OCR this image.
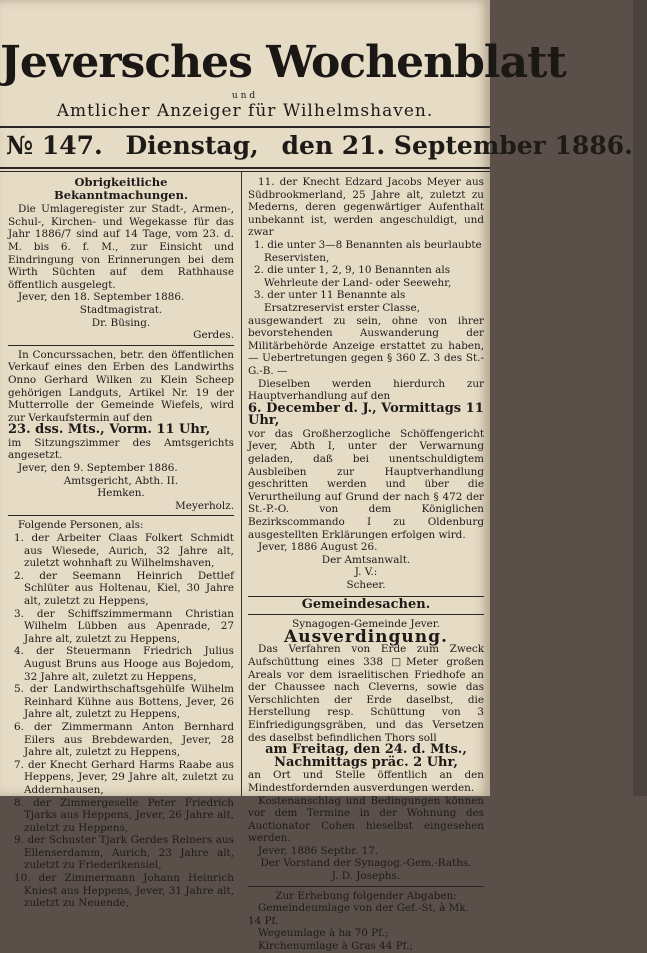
Jeversches Wochenblatt
und
Amtlicher Anzeiger für Wilhelmshaven.
№ 147. Dienstag, den 21. September 1886.
Obrigkeitliche Bekanntmachungen.
Die Umlageregister zur Stadt-, Armen-, Schul-, Kirchen- und Wegekasse für das Jahr 1886/7 sind auf 14 Tage, vom 23. d. M. bis 6. f. M., zur Einsicht und Eindringung von Erinnerungen bei dem Wirth Süchten auf dem Rathhause öffentlich ausgelegt.
Jever, den 18. September 1886.
Stadtmagistrat.
Dr. Büsing.
Gerdes.
In Concurssachen, betr. den öffentlichen Verkauf eines den Erben des Landwirths Onno Gerhard Wilken zu Klein Scheep gehörigen Landguts, Artikel Nr. 19 der Mutterrolle der Gemeinde Wiefels, wird zur Verkaufstermin auf den
23. dss. Mts., Vorm. 11 Uhr,
im Sitzungszimmer des Amtsgerichts angesetzt.
Jever, den 9. September 1886.
Amtsgericht, Abth. II.
Hemken.
Meyerholz.
Folgende Personen, als:
1. der Arbeiter Claas Folkert Schmidt aus Wiesede, Aurich, 32 Jahre alt, zuletzt wohnhaft zu Wilhelmshaven,
2. der Seemann Heinrich Dettlef Schlüter aus Holtenau, Kiel, 30 Jahre alt, zuletzt zu Heppens,
3. der Schiffszimmermann Christian Wilhelm Lübben aus Apenrade, 27 Jahre alt, zuletzt zu Heppens,
4. der Steuermann Friedrich Julius August Bruns aus Hooge aus Bojedom, 32 Jahre alt, zuletzt zu Heppens,
5. der Landwirthschaftsgehülfe Wilhelm Reinhard Kühne aus Bottens, Jever, 26 Jahre alt, zuletzt zu Heppens,
6. der Zimmermann Anton Bernhard Eilers aus Brebdewarden, Jever, 28 Jahre alt, zuletzt zu Heppens,
7. der Knecht Gerhard Harms Raabe aus Heppens, Jever, 29 Jahre alt, zuletzt zu Addernhausen,
8. der Zimmergeselle Peter Friedrich Tjarks aus Heppens, Jever, 26 Jahre alt, zuletzt zu Heppens,
9. der Schuster Tjark Gerdes Reiners aus Ellenserdamm, Aurich, 23 Jahre alt, zuletzt zu Friederikensiel,
10. der Zimmermann Johann Heinrich Kniest aus Heppens, Jever, 31 Jahre alt, zuletzt zu Neuende,
11. der Knecht Edzard Jacobs Meyer aus Südbrookmerland, 25 Jahre alt, zuletzt zu Mederns, deren gegenwärtiger Aufenthalt unbekannt ist, werden angeschuldigt, und zwar
1. die unter 3—8 Benannten als beurlaubte Reservisten,
2. die unter 1, 2, 9, 10 Benannten als Wehrleute der Land- oder Seewehr,
3. der unter 11 Benannte als Ersatzreservist erster Classe,
ausgewandert zu sein, ohne von ihrer bevorstehenden Auswanderung der Militärbehörde Anzeige erstattet zu haben, — Uebertretungen gegen § 360 Z. 3 des St.-G.-B. —
Dieselben werden hierdurch zur Hauptverhandlung auf den
6. December d. J., Vormittags 11 Uhr,
vor das Großherzogliche Schöffengericht Jever, Abth I, unter der Verwarnung geladen, daß bei unentschuldigtem Ausbleiben zur Hauptverhandlung geschritten werden und über die Verurtheilung auf Grund der nach § 472 der St.-P.-O. von dem Königlichen Bezirkscommando I zu Oldenburg ausgestellten Erklärungen erfolgen wird.
Jever, 1886 August 26.
Der Amtsanwalt.
J. V.:
Scheer.
Gemeindesachen.
Synagogen-Gemeinde Jever.
Ausverdingung.
Das Verfahren von Erde zum Zweck Aufschüttung eines 338 □Meter großen Areals vor dem israelitischen Friedhofe an der Chaussee nach Cleverns, sowie das Verschlichten der Erde daselbst, die Herstellung resp. Schüttung von 3 Einfriedigungsgräben, und das Versetzen des daselbst befindlichen Thors soll
am Freitag, den 24. d. Mts.,
Nachmittags präc. 2 Uhr,
an Ort und Stelle öffentlich an den Mindestfordernden ausverdungen werden.
Kostenanschlag und Bedingungen können vor dem Termine in der Wohnung des Auctionator Cohen hieselbst eingesehen werden.
Jever, 1886 Septbr. 17.
Der Vorstand der Synagog.-Gem.-Raths.
J. D. Josephs.
Zur Erhebung folgender Abgaben:
Gemeindeumlage von der Gef.-St, à Mk. 14 Pf.
Wegeumlage à ha 70 Pf.;
Kirchenumlage à Gras 44 Pf.;
